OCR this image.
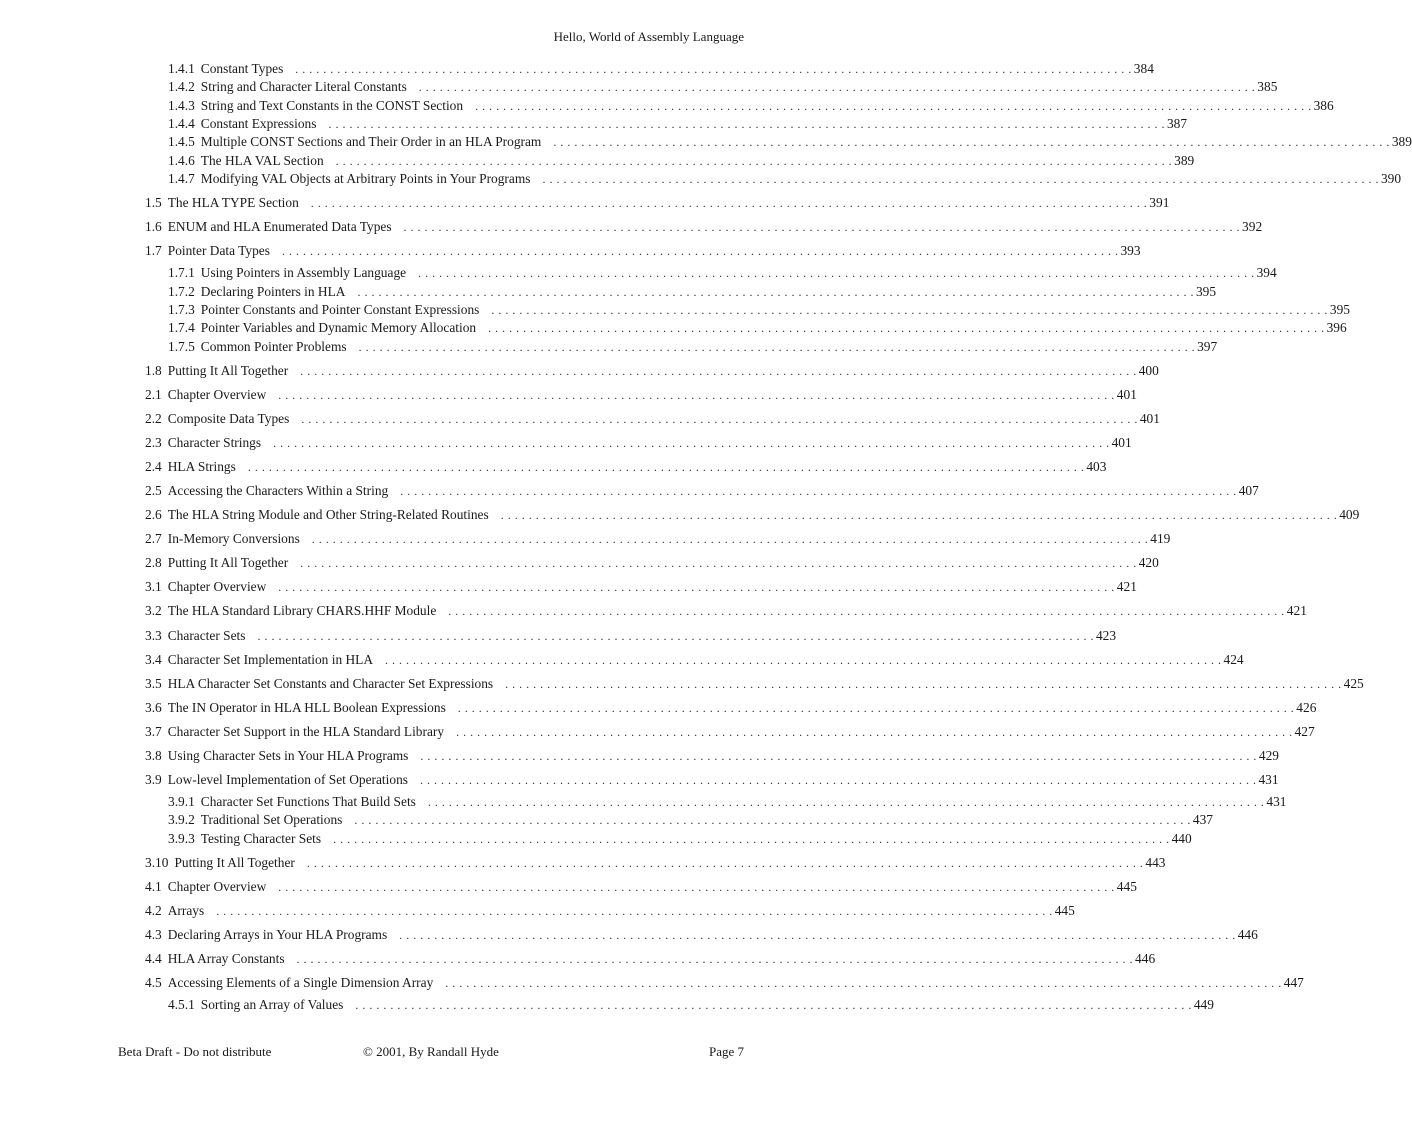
Hello, World of Assembly Language
1.4.1 Constant Types . . . . . . . . . . . . . . . . . . . . . . . . . . . . . . . . . . . . . . . . . . . . . . . . . . . . . . . . . . . . . . . . . . . . . . . . . . . . . . . . . . . . . . . . . . . . . . . . . . . . . . . . . . . . . . . . . . . . . . . . 384
1.4.2 String and Character Literal Constants . . . . . . . . . . . . . . . . . . . . . . . . . . . . . . . . . . . . . . . . . . . . . . . . . . . . . . . . . . . . . . . . . . . . . . . . . . . . . . . . . . . . . . . . . . . . . . . . . . . . . . . . . . . . . . . . . . . . . . . . 385
1.4.3 String and Text Constants in the CONST Section . . . . . . . . . . . . . . . . . . . . . . . . . . . . . . . . . . . . . . . . . . . . . . . . . . . . . . . . . . . . . . . . . . . . . . . . . . . . . . . . . . . . . . . . . . . . . . . . . . . . . . . . . . . . . . . . . . . . . . . . 386
1.4.4 Constant Expressions . . . . . . . . . . . . . . . . . . . . . . . . . . . . . . . . . . . . . . . . . . . . . . . . . . . . . . . . . . . . . . . . . . . . . . . . . . . . . . . . . . . . . . . . . . . . . . . . . . . . . . . . . . . . . . . . . . . . . . . . 387
1.4.5 Multiple CONST Sections and Their Order in an HLA Program . . . . . . . . . . . . . . . . . . . . . . . . . . . . . . . . . . . . . . . . . . . . . . . . . . . . . . . . . . . . . . . . . . . . . . . . . . . . . . . . . . . . . . . . . . . . . . . . . . . . . . . . . . . . . . . . . . . . . . . . 389
1.4.6 The HLA VAL Section . . . . . . . . . . . . . . . . . . . . . . . . . . . . . . . . . . . . . . . . . . . . . . . . . . . . . . . . . . . . . . . . . . . . . . . . . . . . . . . . . . . . . . . . . . . . . . . . . . . . . . . . . . . . . . . . . . . . . . . . 389
1.4.7 Modifying VAL Objects at Arbitrary Points in Your Programs . . . . . . . . . . . . . . . . . . . . . . . . . . . . . . . . . . . . . . . . . . . . . . . . . . . . . . . . . . . . . . . . . . . . . . . . . . . . . . . . . . . . . . . . . . . . . . . . . . . . . . . . . . . . . . . . . . . . . . . . 390
1.5 The HLA TYPE Section . . . . . . . . . . . . . . . . . . . . . . . . . . . . . . . . . . . . . . . . . . . . . . . . . . . . . . . . . . . . . . . . . . . . . . . . . . . . . . . . . . . . . . . . . . . . . . . . . . . . . . . . . . . . . . . . . . . . . . . . 391
1.6 ENUM and HLA Enumerated Data Types . . . . . . . . . . . . . . . . . . . . . . . . . . . . . . . . . . . . . . . . . . . . . . . . . . . . . . . . . . . . . . . . . . . . . . . . . . . . . . . . . . . . . . . . . . . . . . . . . . . . . . . . . . . . . . . . . . . . . . . . 392
1.7 Pointer Data Types . . . . . . . . . . . . . . . . . . . . . . . . . . . . . . . . . . . . . . . . . . . . . . . . . . . . . . . . . . . . . . . . . . . . . . . . . . . . . . . . . . . . . . . . . . . . . . . . . . . . . . . . . . . . . . . . . . . . . . . . 393
1.7.1 Using Pointers in Assembly Language . . . . . . . . . . . . . . . . . . . . . . . . . . . . . . . . . . . . . . . . . . . . . . . . . . . . . . . . . . . . . . . . . . . . . . . . . . . . . . . . . . . . . . . . . . . . . . . . . . . . . . . . . . . . . . . . . . . . . . . . 394
1.7.2 Declaring Pointers in HLA . . . . . . . . . . . . . . . . . . . . . . . . . . . . . . . . . . . . . . . . . . . . . . . . . . . . . . . . . . . . . . . . . . . . . . . . . . . . . . . . . . . . . . . . . . . . . . . . . . . . . . . . . . . . . . . . . . . . . . . . 395
1.7.3 Pointer Constants and Pointer Constant Expressions . . . . . . . . . . . . . . . . . . . . . . . . . . . . . . . . . . . . . . . . . . . . . . . . . . . . . . . . . . . . . . . . . . . . . . . . . . . . . . . . . . . . . . . . . . . . . . . . . . . . . . . . . . . . . . . . . . . . . . . . 395
1.7.4 Pointer Variables and Dynamic Memory Allocation . . . . . . . . . . . . . . . . . . . . . . . . . . . . . . . . . . . . . . . . . . . . . . . . . . . . . . . . . . . . . . . . . . . . . . . . . . . . . . . . . . . . . . . . . . . . . . . . . . . . . . . . . . . . . . . . . . . . . . . . 396
1.7.5 Common Pointer Problems . . . . . . . . . . . . . . . . . . . . . . . . . . . . . . . . . . . . . . . . . . . . . . . . . . . . . . . . . . . . . . . . . . . . . . . . . . . . . . . . . . . . . . . . . . . . . . . . . . . . . . . . . . . . . . . . . . . . . . . . 397
1.8 Putting It All Together . . . . . . . . . . . . . . . . . . . . . . . . . . . . . . . . . . . . . . . . . . . . . . . . . . . . . . . . . . . . . . . . . . . . . . . . . . . . . . . . . . . . . . . . . . . . . . . . . . . . . . . . . . . . . . . . . . . . . . . . 400
2.1 Chapter Overview . . . . . . . . . . . . . . . . . . . . . . . . . . . . . . . . . . . . . . . . . . . . . . . . . . . . . . . . . . . . . . . . . . . . . . . . . . . . . . . . . . . . . . . . . . . . . . . . . . . . . . . . . . . . . . . . . . . . . . . . 401
2.2 Composite Data Types . . . . . . . . . . . . . . . . . . . . . . . . . . . . . . . . . . . . . . . . . . . . . . . . . . . . . . . . . . . . . . . . . . . . . . . . . . . . . . . . . . . . . . . . . . . . . . . . . . . . . . . . . . . . . . . . . . . . . . . . 401
2.3 Character Strings . . . . . . . . . . . . . . . . . . . . . . . . . . . . . . . . . . . . . . . . . . . . . . . . . . . . . . . . . . . . . . . . . . . . . . . . . . . . . . . . . . . . . . . . . . . . . . . . . . . . . . . . . . . . . . . . . . . . . . . . 401
2.4 HLA Strings . . . . . . . . . . . . . . . . . . . . . . . . . . . . . . . . . . . . . . . . . . . . . . . . . . . . . . . . . . . . . . . . . . . . . . . . . . . . . . . . . . . . . . . . . . . . . . . . . . . . . . . . . . . . . . . . . . . . . . . . 403
2.5 Accessing the Characters Within a String . . . . . . . . . . . . . . . . . . . . . . . . . . . . . . . . . . . . . . . . . . . . . . . . . . . . . . . . . . . . . . . . . . . . . . . . . . . . . . . . . . . . . . . . . . . . . . . . . . . . . . . . . . . . . . . . . . . . . . . . 407
2.6 The HLA String Module and Other String-Related Routines . . . . . . . . . . . . . . . . . . . . . . . . . . . . . . . . . . . . . . . . . . . . . . . . . . . . . . . . . . . . . . . . . . . . . . . . . . . . . . . . . . . . . . . . . . . . . . . . . . . . . . . . . . . . . . . . . . . . . . . . 409
2.7 In-Memory Conversions . . . . . . . . . . . . . . . . . . . . . . . . . . . . . . . . . . . . . . . . . . . . . . . . . . . . . . . . . . . . . . . . . . . . . . . . . . . . . . . . . . . . . . . . . . . . . . . . . . . . . . . . . . . . . . . . . . . . . . . . 419
2.8 Putting It All Together . . . . . . . . . . . . . . . . . . . . . . . . . . . . . . . . . . . . . . . . . . . . . . . . . . . . . . . . . . . . . . . . . . . . . . . . . . . . . . . . . . . . . . . . . . . . . . . . . . . . . . . . . . . . . . . . . . . . . . . . 420
3.1 Chapter Overview . . . . . . . . . . . . . . . . . . . . . . . . . . . . . . . . . . . . . . . . . . . . . . . . . . . . . . . . . . . . . . . . . . . . . . . . . . . . . . . . . . . . . . . . . . . . . . . . . . . . . . . . . . . . . . . . . . . . . . . . 421
3.2 The HLA Standard Library CHARS.HHF Module . . . . . . . . . . . . . . . . . . . . . . . . . . . . . . . . . . . . . . . . . . . . . . . . . . . . . . . . . . . . . . . . . . . . . . . . . . . . . . . . . . . . . . . . . . . . . . . . . . . . . . . . . . . . . . . . . . . . . . . . 421
3.3 Character Sets . . . . . . . . . . . . . . . . . . . . . . . . . . . . . . . . . . . . . . . . . . . . . . . . . . . . . . . . . . . . . . . . . . . . . . . . . . . . . . . . . . . . . . . . . . . . . . . . . . . . . . . . . . . . . . . . . . . . . . . . 423
3.4 Character Set Implementation in HLA . . . . . . . . . . . . . . . . . . . . . . . . . . . . . . . . . . . . . . . . . . . . . . . . . . . . . . . . . . . . . . . . . . . . . . . . . . . . . . . . . . . . . . . . . . . . . . . . . . . . . . . . . . . . . . . . . . . . . . . . 424
3.5 HLA Character Set Constants and Character Set Expressions . . . . . . . . . . . . . . . . . . . . . . . . . . . . . . . . . . . . . . . . . . . . . . . . . . . . . . . . . . . . . . . . . . . . . . . . . . . . . . . . . . . . . . . . . . . . . . . . . . . . . . . . . . . . . . . . . . . . . . . . 425
3.6 The IN Operator in HLA HLL Boolean Expressions . . . . . . . . . . . . . . . . . . . . . . . . . . . . . . . . . . . . . . . . . . . . . . . . . . . . . . . . . . . . . . . . . . . . . . . . . . . . . . . . . . . . . . . . . . . . . . . . . . . . . . . . . . . . . . . . . . . . . . . . 426
3.7 Character Set Support in the HLA Standard Library . . . . . . . . . . . . . . . . . . . . . . . . . . . . . . . . . . . . . . . . . . . . . . . . . . . . . . . . . . . . . . . . . . . . . . . . . . . . . . . . . . . . . . . . . . . . . . . . . . . . . . . . . . . . . . . . . . . . . . . . 427
3.8 Using Character Sets in Your HLA Programs . . . . . . . . . . . . . . . . . . . . . . . . . . . . . . . . . . . . . . . . . . . . . . . . . . . . . . . . . . . . . . . . . . . . . . . . . . . . . . . . . . . . . . . . . . . . . . . . . . . . . . . . . . . . . . . . . . . . . . . . 429
3.9 Low-level Implementation of Set Operations . . . . . . . . . . . . . . . . . . . . . . . . . . . . . . . . . . . . . . . . . . . . . . . . . . . . . . . . . . . . . . . . . . . . . . . . . . . . . . . . . . . . . . . . . . . . . . . . . . . . . . . . . . . . . . . . . . . . . . . . 431
3.9.1 Character Set Functions That Build Sets . . . . . . . . . . . . . . . . . . . . . . . . . . . . . . . . . . . . . . . . . . . . . . . . . . . . . . . . . . . . . . . . . . . . . . . . . . . . . . . . . . . . . . . . . . . . . . . . . . . . . . . . . . . . . . . . . . . . . . . . 431
3.9.2 Traditional Set Operations . . . . . . . . . . . . . . . . . . . . . . . . . . . . . . . . . . . . . . . . . . . . . . . . . . . . . . . . . . . . . . . . . . . . . . . . . . . . . . . . . . . . . . . . . . . . . . . . . . . . . . . . . . . . . . . . . . . . . . . . 437
3.9.3 Testing Character Sets . . . . . . . . . . . . . . . . . . . . . . . . . . . . . . . . . . . . . . . . . . . . . . . . . . . . . . . . . . . . . . . . . . . . . . . . . . . . . . . . . . . . . . . . . . . . . . . . . . . . . . . . . . . . . . . . . . . . . . . . 440
3.10 Putting It All Together . . . . . . . . . . . . . . . . . . . . . . . . . . . . . . . . . . . . . . . . . . . . . . . . . . . . . . . . . . . . . . . . . . . . . . . . . . . . . . . . . . . . . . . . . . . . . . . . . . . . . . . . . . . . . . . . . . . . . . . . 443
4.1 Chapter Overview . . . . . . . . . . . . . . . . . . . . . . . . . . . . . . . . . . . . . . . . . . . . . . . . . . . . . . . . . . . . . . . . . . . . . . . . . . . . . . . . . . . . . . . . . . . . . . . . . . . . . . . . . . . . . . . . . . . . . . . . 445
4.2 Arrays . . . . . . . . . . . . . . . . . . . . . . . . . . . . . . . . . . . . . . . . . . . . . . . . . . . . . . . . . . . . . . . . . . . . . . . . . . . . . . . . . . . . . . . . . . . . . . . . . . . . . . . . . . . . . . . . . . . . . . . . 445
4.3 Declaring Arrays in Your HLA Programs . . . . . . . . . . . . . . . . . . . . . . . . . . . . . . . . . . . . . . . . . . . . . . . . . . . . . . . . . . . . . . . . . . . . . . . . . . . . . . . . . . . . . . . . . . . . . . . . . . . . . . . . . . . . . . . . . . . . . . . . 446
4.4 HLA Array Constants . . . . . . . . . . . . . . . . . . . . . . . . . . . . . . . . . . . . . . . . . . . . . . . . . . . . . . . . . . . . . . . . . . . . . . . . . . . . . . . . . . . . . . . . . . . . . . . . . . . . . . . . . . . . . . . . . . . . . . . . 446
4.5 Accessing Elements of a Single Dimension Array . . . . . . . . . . . . . . . . . . . . . . . . . . . . . . . . . . . . . . . . . . . . . . . . . . . . . . . . . . . . . . . . . . . . . . . . . . . . . . . . . . . . . . . . . . . . . . . . . . . . . . . . . . . . . . . . . . . . . . . . 447
4.5.1 Sorting an Array of Values . . . . . . . . . . . . . . . . . . . . . . . . . . . . . . . . . . . . . . . . . . . . . . . . . . . . . . . . . . . . . . . . . . . . . . . . . . . . . . . . . . . . . . . . . . . . . . . . . . . . . . . . . . . . . . . . . . . . . . . . 449
Beta Draft - Do not distribute	© 2001, By Randall Hyde	Page 7
